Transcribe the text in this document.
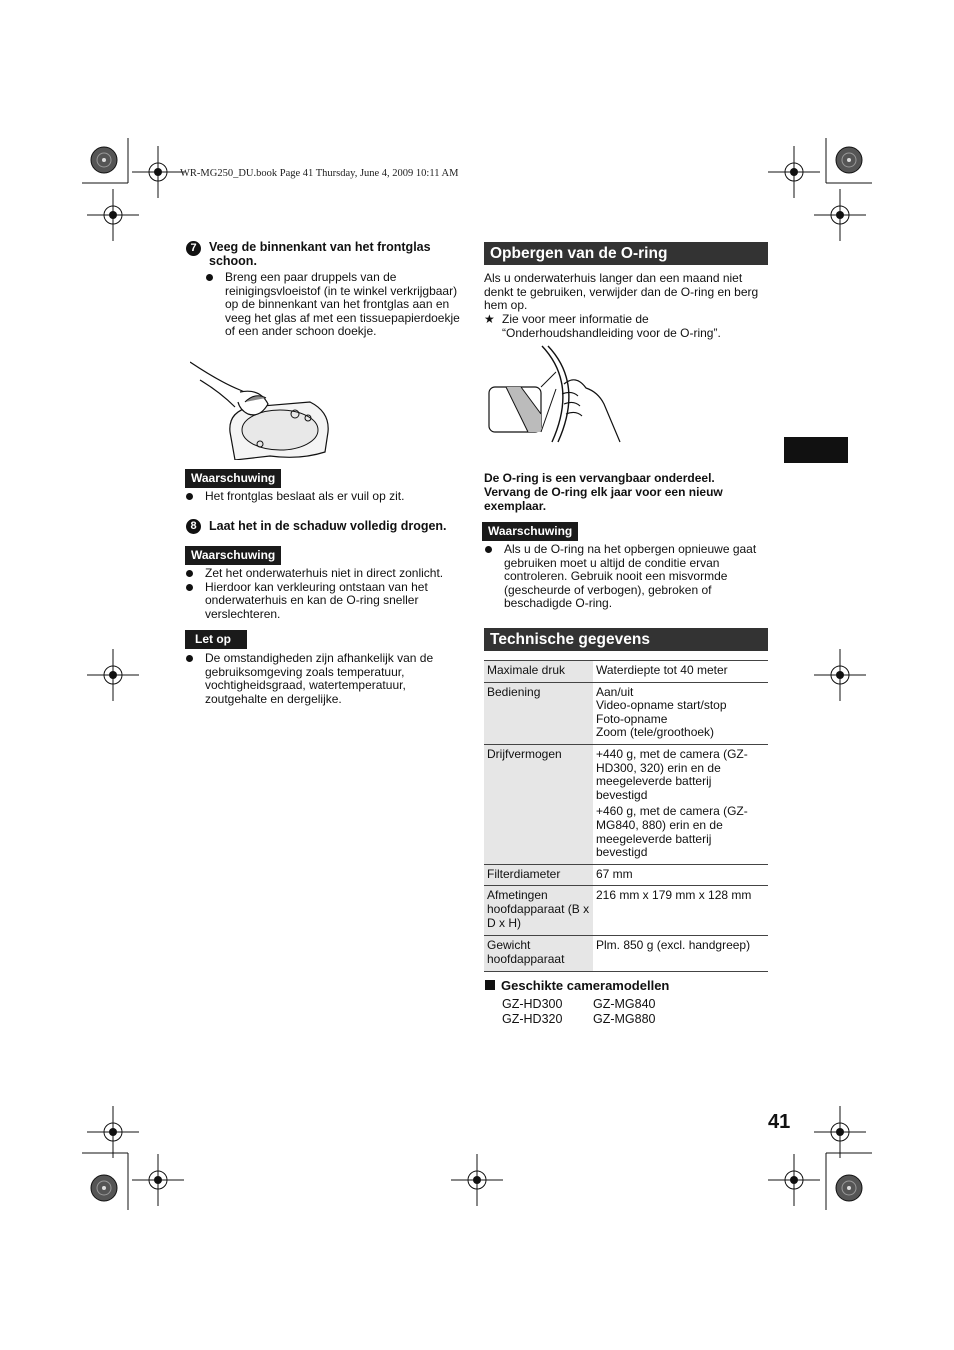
WR-MG250_DU.book Page 41 Thursday, June 4, 2009 10:11 AM
7 Veeg de binnenkant van het frontglas schoon.
Breng een paar druppels van de reinigingsvloeistof (in te winkel verkrijgbaar) op de binnenkant van het frontglas aan en veeg het glas af met een tissuepapierdoekje of een ander schoon doekje.
Waarschuwing
Het frontglas beslaat als er vuil op zit.
8 Laat het in de schaduw volledig drogen.
Waarschuwing
Zet het onderwaterhuis niet in direct zonlicht.
Hierdoor kan verkleuring ontstaan van het onderwaterhuis en kan de O-ring sneller verslechteren.
Let op
De omstandigheden zijn afhankelijk van de gebruiksomgeving zoals temperatuur, vochtigheidsgraad, watertemperatuur, zoutgehalte en dergelijke.
Opbergen van de O-ring
Als u onderwaterhuis langer dan een maand niet denkt te gebruiken, verwijder dan de O-ring en berg hem op.
★ Zie voor meer informatie de “Onderhoudshandleiding voor de O-ring”.
De O-ring is een vervangbaar onderdeel. Vervang de O-ring elk jaar voor een nieuw exemplaar.
Waarschuwing
Als u de O-ring na het opbergen opnieuwe gaat gebruiken moet u altijd de conditie ervan controleren. Gebruik nooit een misvormde (gescheurde of verbogen), gebroken of beschadigde O-ring.
Technische gegevens
Maximale druk	Waterdiepte tot 40 meter
Bediening	Aan/uit
Video-opname start/stop
Foto-opname
Zoom (tele/groothoek)

Drijfvermogen	+440 g, met de camera (GZ-HD300, 320) erin en de meegeleverde batterij bevestigd
+460 g, met de camera (GZ-MG840, 880) erin en de meegeleverde batterij bevestigd

Filterdiameter	67 mm
Afmetingen hoofdapparaat (B x D x H)	216 mm x 179 mm x 128 mm
Gewicht hoofdapparaat	Plm. 850 g (excl. handgreep)
Geschikte cameramodellen
GZ-HD300 GZ-MG840
GZ-HD320 GZ-MG880
41
